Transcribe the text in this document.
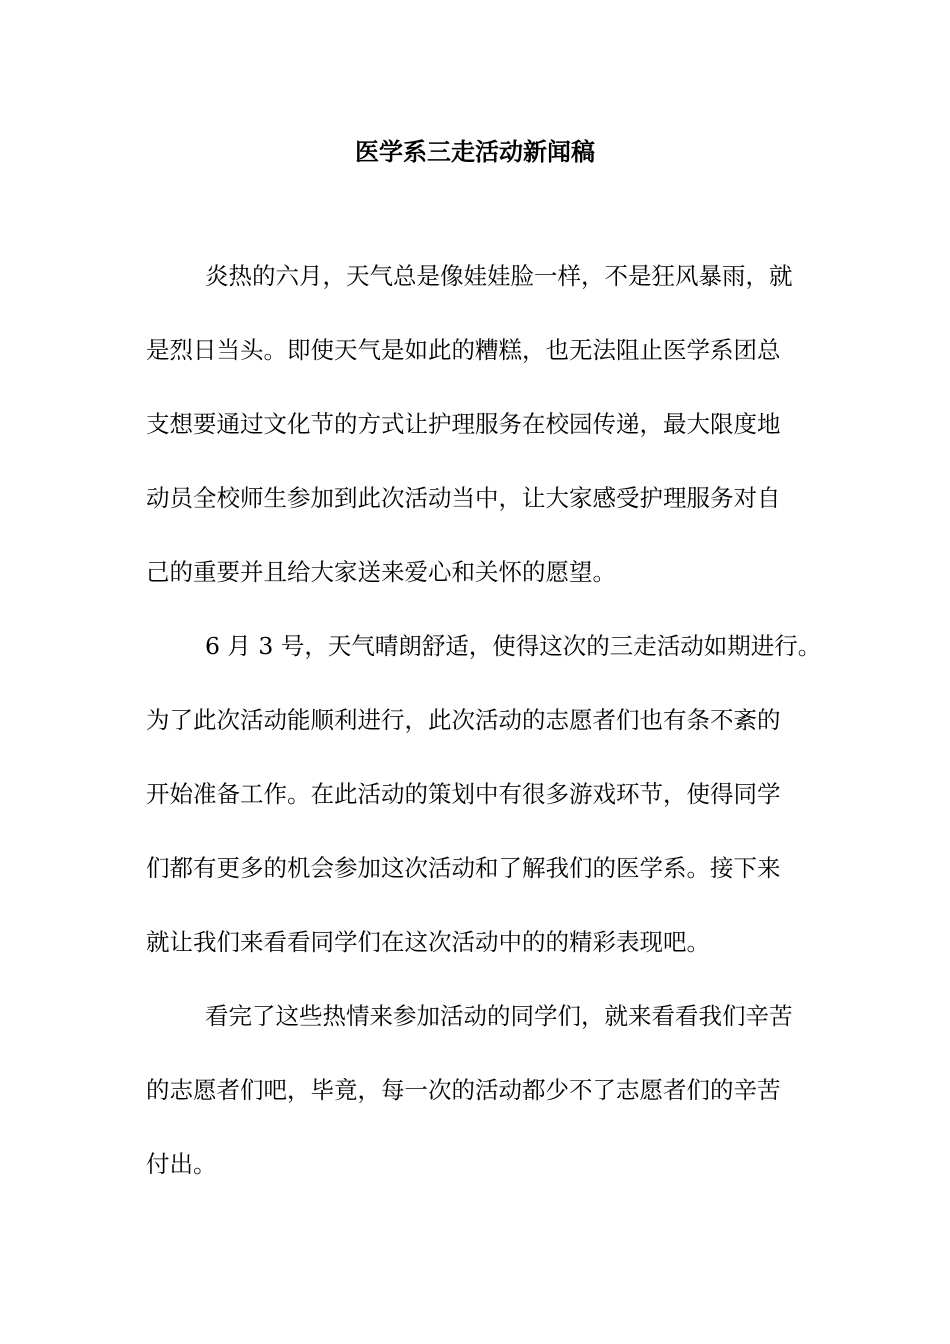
医学系三走活动新闻稿

炎热的六月，天气总是像娃娃脸一样，不是狂风暴雨，就

是烈日当头。即使天气是如此的糟糕，也无法阻止医学系团总

支想要通过文化节的方式让护理服务在校园传递，最大限度地

动员全校师生参加到此次活动当中，让大家感受护理服务对自

己的重要并且给大家送来爱心和关怀的愿望。

6 月 3 号，天气晴朗舒适，使得这次的三走活动如期进行。

为了此次活动能顺利进行，此次活动的志愿者们也有条不紊的

开始准备工作。在此活动的策划中有很多游戏环节，使得同学

们都有更多的机会参加这次活动和了解我们的医学系。接下来

就让我们来看看同学们在这次活动中的的精彩表现吧。

看完了这些热情来参加活动的同学们，就来看看我们辛苦

的志愿者们吧，毕竟，每一次的活动都少不了志愿者们的辛苦

付出。
